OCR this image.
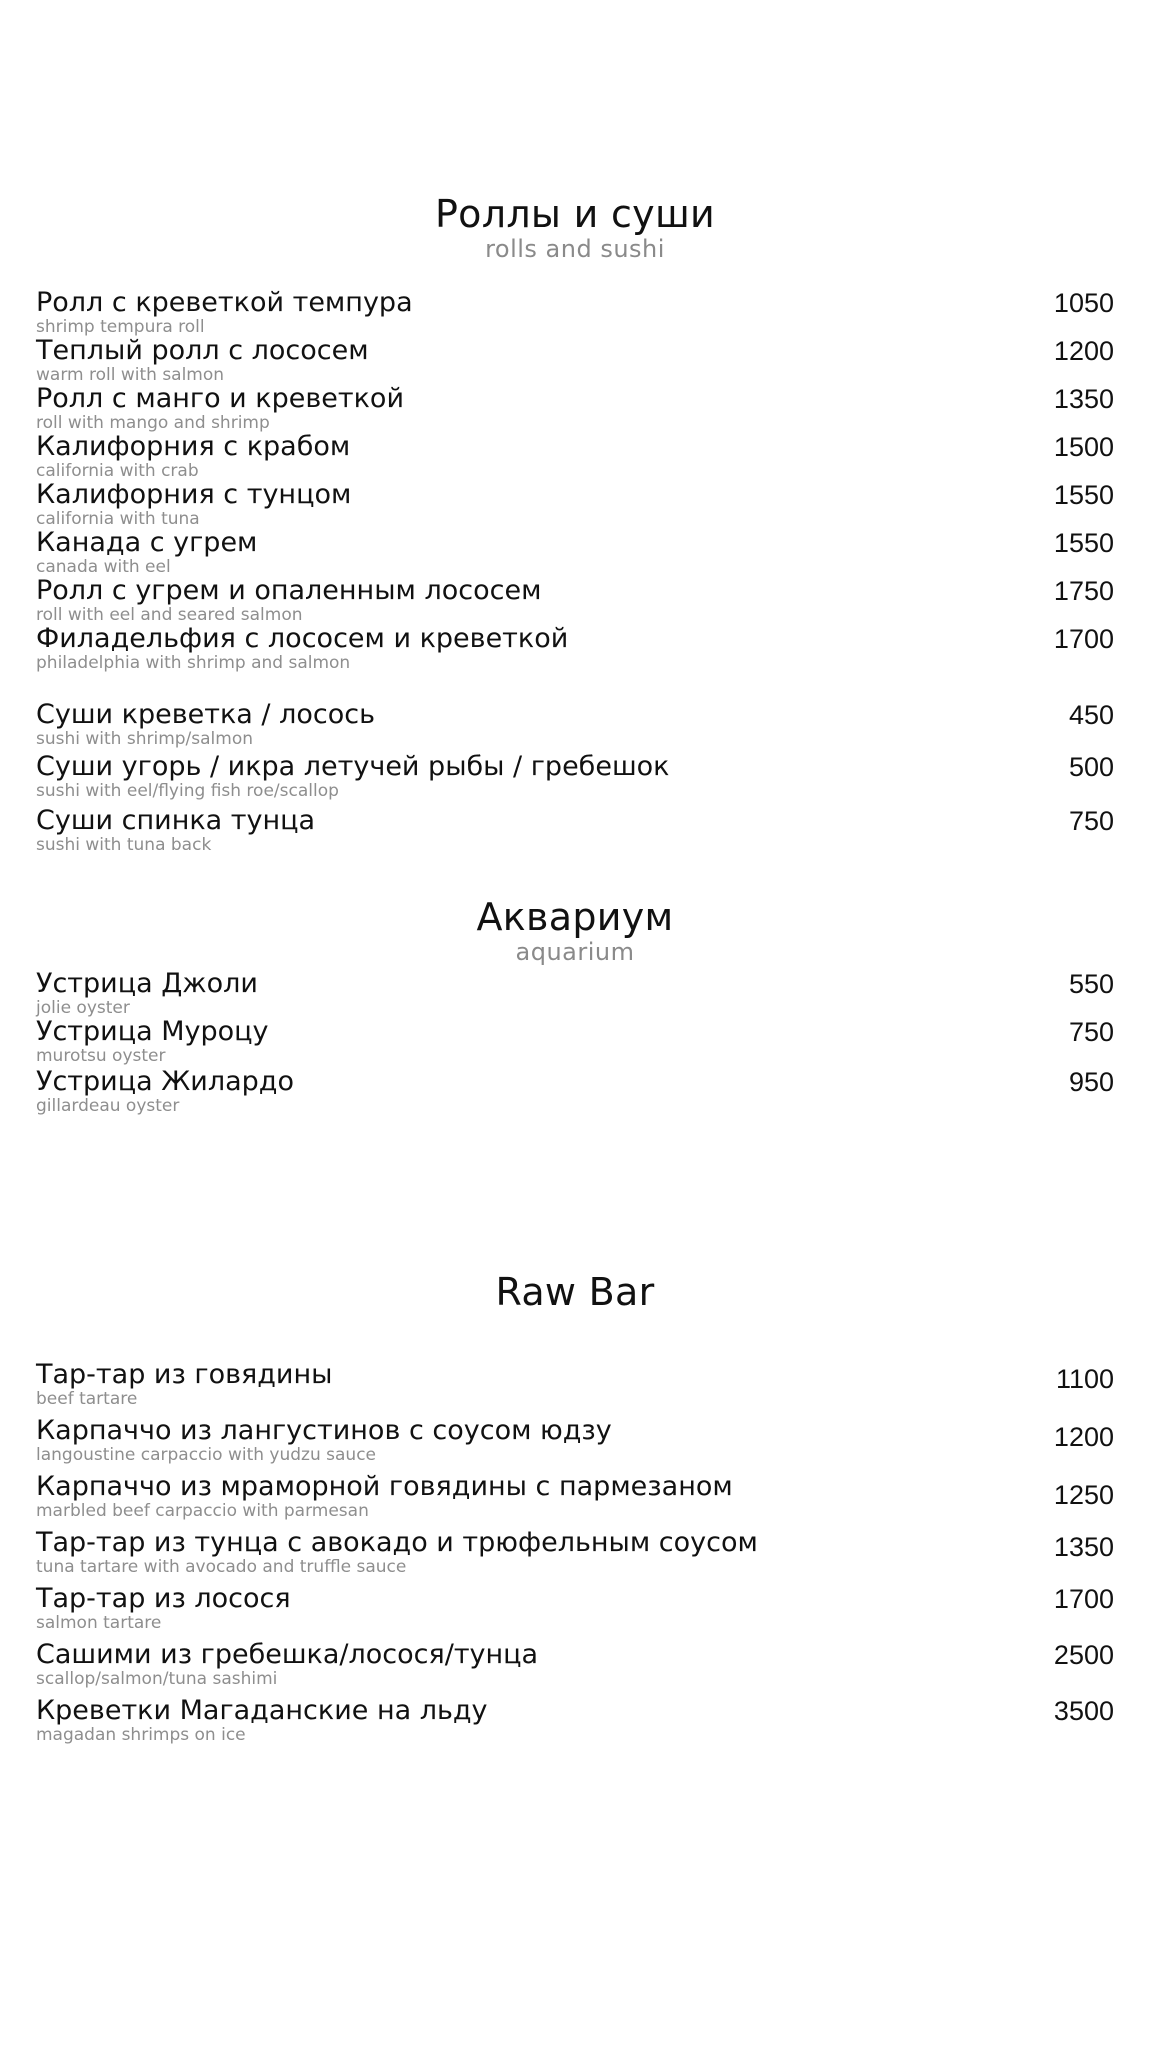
Роллы и суши
rolls and sushi
Ролл с креветкой темпура
shrimp tempura roll
1050
Теплый ролл с лососем
warm roll with salmon
1200
Ролл с манго и креветкой
roll with mango and shrimp
1350
Калифорния с крабом
california with crab
1500
Калифорния с тунцом
california with tuna
1550
Канада с угрем
canada with eel
1550
Ролл с угрем и опаленным лососем
roll with eel and seared salmon
1750
Филадельфия с лососем и креветкой
philadelphia with shrimp and salmon
1700
Суши креветка / лосось
sushi with shrimp/salmon
450
Суши угорь / икра летучей рыбы / гребешок
sushi with eel/flying fish roe/scallop
500
Суши спинка тунца
sushi with tuna back
750
Аквариум
aquarium
Устрица Джоли
jolie oyster
550
Устрица Муроцу
murotsu oyster
750
Устрица Жилардо
gillardeau oyster
950
Raw Bar
Тар-тар из говядины
beef tartare
1100
Карпаччо из лангустинов с соусом юдзу
langoustine carpaccio with yudzu sauce
1200
Карпаччо из мраморной говядины с пармезаном
marbled beef carpaccio with parmesan
1250
Тар-тар из тунца с авокадо и трюфельным соусом
tuna tartare with avocado and truffle sauce
1350
Тар-тар из лосося
salmon tartare
1700
Сашими из гребешка/лосося/тунца
scallop/salmon/tuna sashimi
2500
Креветки Магаданские на льду
magadan shrimps on ice
3500
